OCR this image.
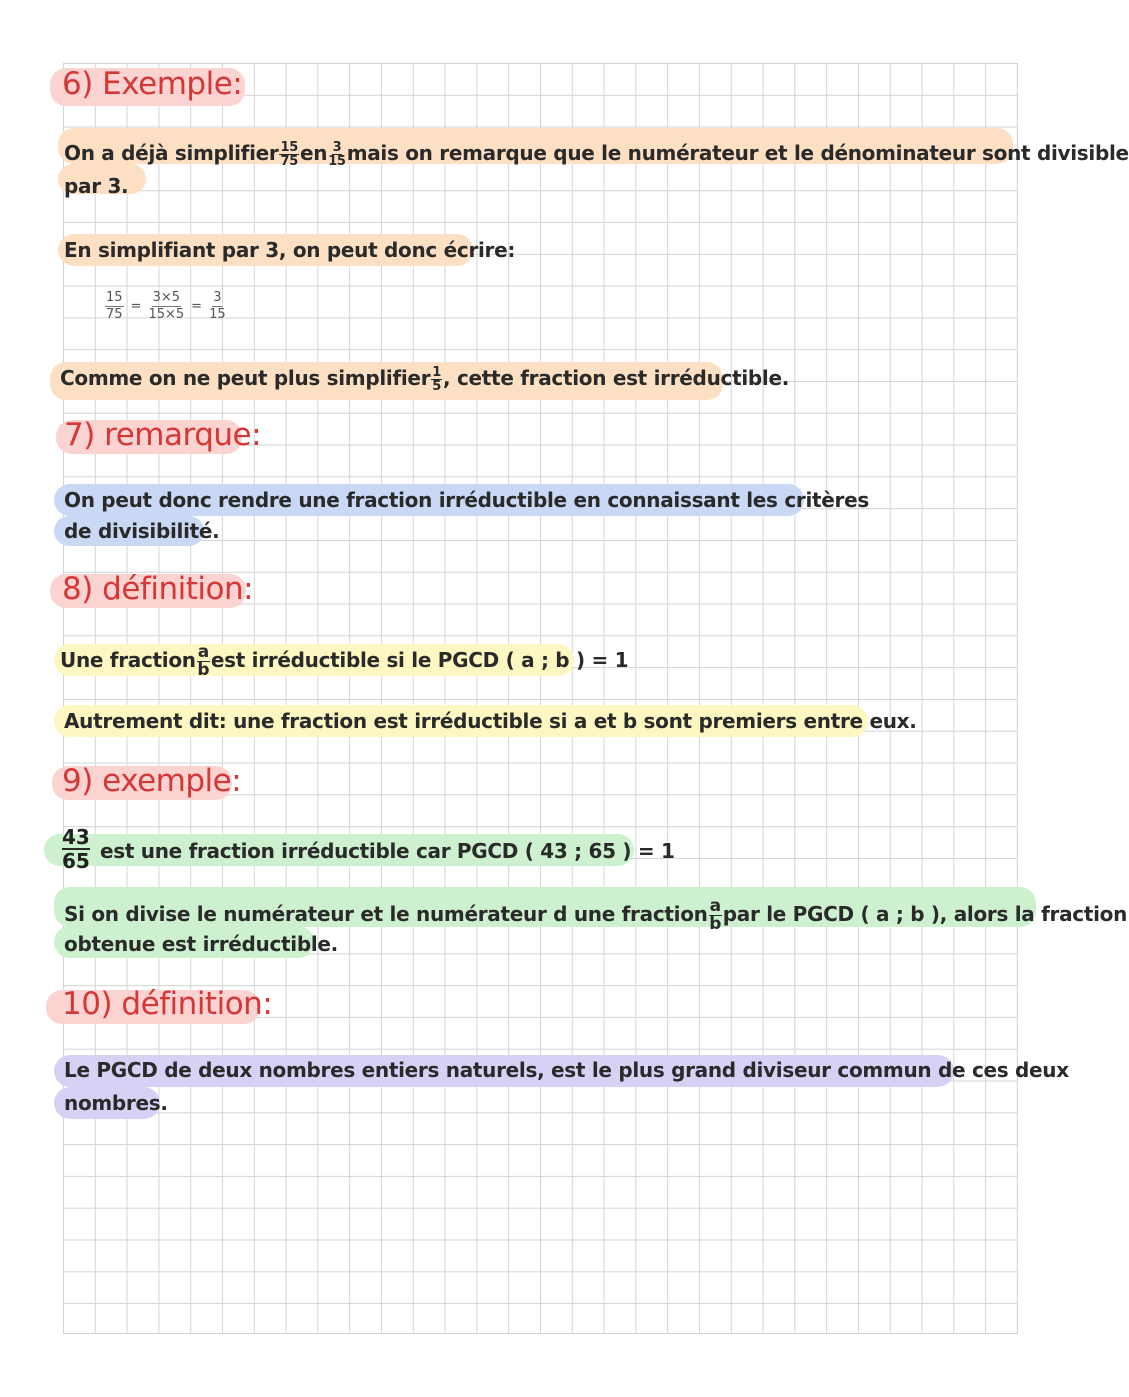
6) Exemple:
On a déjà simplifier $\frac{15}{75}$ en $\frac{3}{15}$ mais on remarque que le numérateur et le dénominateur sont divisible
par 3.
En simplifiant par 3, on peut donc écrire:
$\frac{15}{75} = \frac{3\times 5}{15\times 5} = \frac{3}{15}$
Comme on ne peut plus simplifier $\frac{1}{5}$ , cette fraction est irréductible.
7) remarque:
On peut donc rendre une fraction irréductible en connaissant les critères
de divisibilité.
8) définition:
Une fraction $\frac{a}{b}$ est irréductible si le PGCD ( a ; b ) = 1
Autrement dit: une fraction est irréductible si a et b sont premiers entre eux.
9) exemple:
43
65 est une fraction irréductible car PGCD ( 43 ; 65 ) = 1
Si on divise le numérateur et le numérateur d une fraction $\frac{a}{b}$ par le PGCD ( a ; b ), alors la fraction
obtenue est irréductible.
10) définition:
Le PGCD de deux nombres entiers naturels, est le plus grand diviseur commun de ces deux
nombres.
